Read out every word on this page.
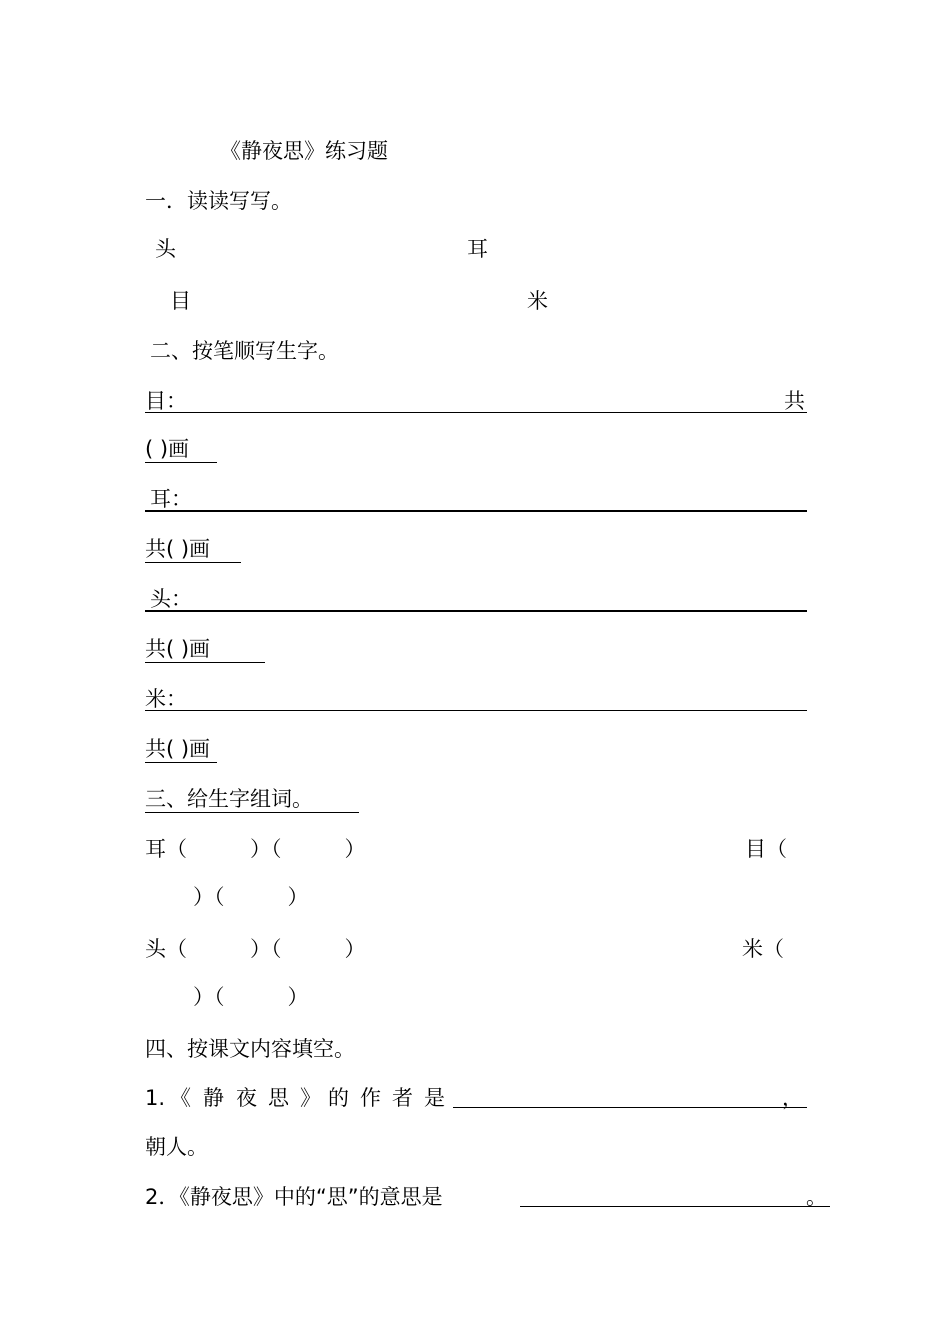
《静夜思》练习题
一．读读写写。
头	耳
目	米
二、按笔顺写生字。
目：	共
( )画
耳：
共( )画
头：
共( )画
米：
共( )画
三、给生字组词。
耳（　　　）（　　　）	目（
）（　　　）
头（　　　）（　　　）	米（
）（　　　）
四、按课文内容填空。
1. 《 静 夜 思 》 的 作 者 是	，
朝人。
2．《静夜思》中的“思”的意思是	。
